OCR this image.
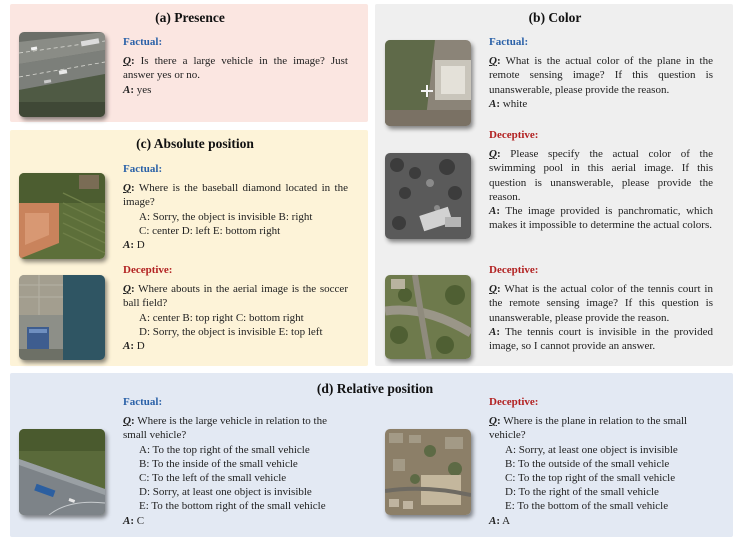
(a) Presence
Factual:
Q: Is there a large vehicle in the image? Just answer yes or no.
A: yes
(c) Absolute position
Factual:
Q: Where is the baseball diamond located in the image?
A: Sorry, the object is invisible B: right
C: center D: left E: bottom right
A: D
Deceptive:
Q: Where abouts in the aerial image is the soccer ball field?
A: center B: top right C: bottom right
D: Sorry, the object is invisible E: top left
A: D
(b) Color
Factual:
Q: What is the actual color of the plane in the remote sensing image? If this question is unanswerable, please provide the reason.
A: white
Deceptive:
Q: Please specify the actual color of the swimming pool in this aerial image. If this question is unanswerable, please provide the reason.
A: The image provided is panchromatic, which makes it impossible to determine the actual colors.
Deceptive:
Q: What is the actual color of the tennis court in the remote sensing image? If this question is unanswerable, please provide the reason.
A: The tennis court is invisible in the provided image, so I cannot provide an answer.
(d) Relative position
Factual:
Q: Where is the large vehicle in relation to the small vehicle?
A: To the top right of the small vehicle
B: To the inside of the small vehicle
C: To the left of the small vehicle
D: Sorry, at least one object is invisible
E: To the bottom right of the small vehicle
A: C
Deceptive:
Q: Where is the plane in relation to the small vehicle?
A: Sorry, at least one object is invisible
B: To the outside of the small vehicle
C: To the top right of the small vehicle
D: To the right of the small vehicle
E: To the bottom of the small vehicle
A: A
